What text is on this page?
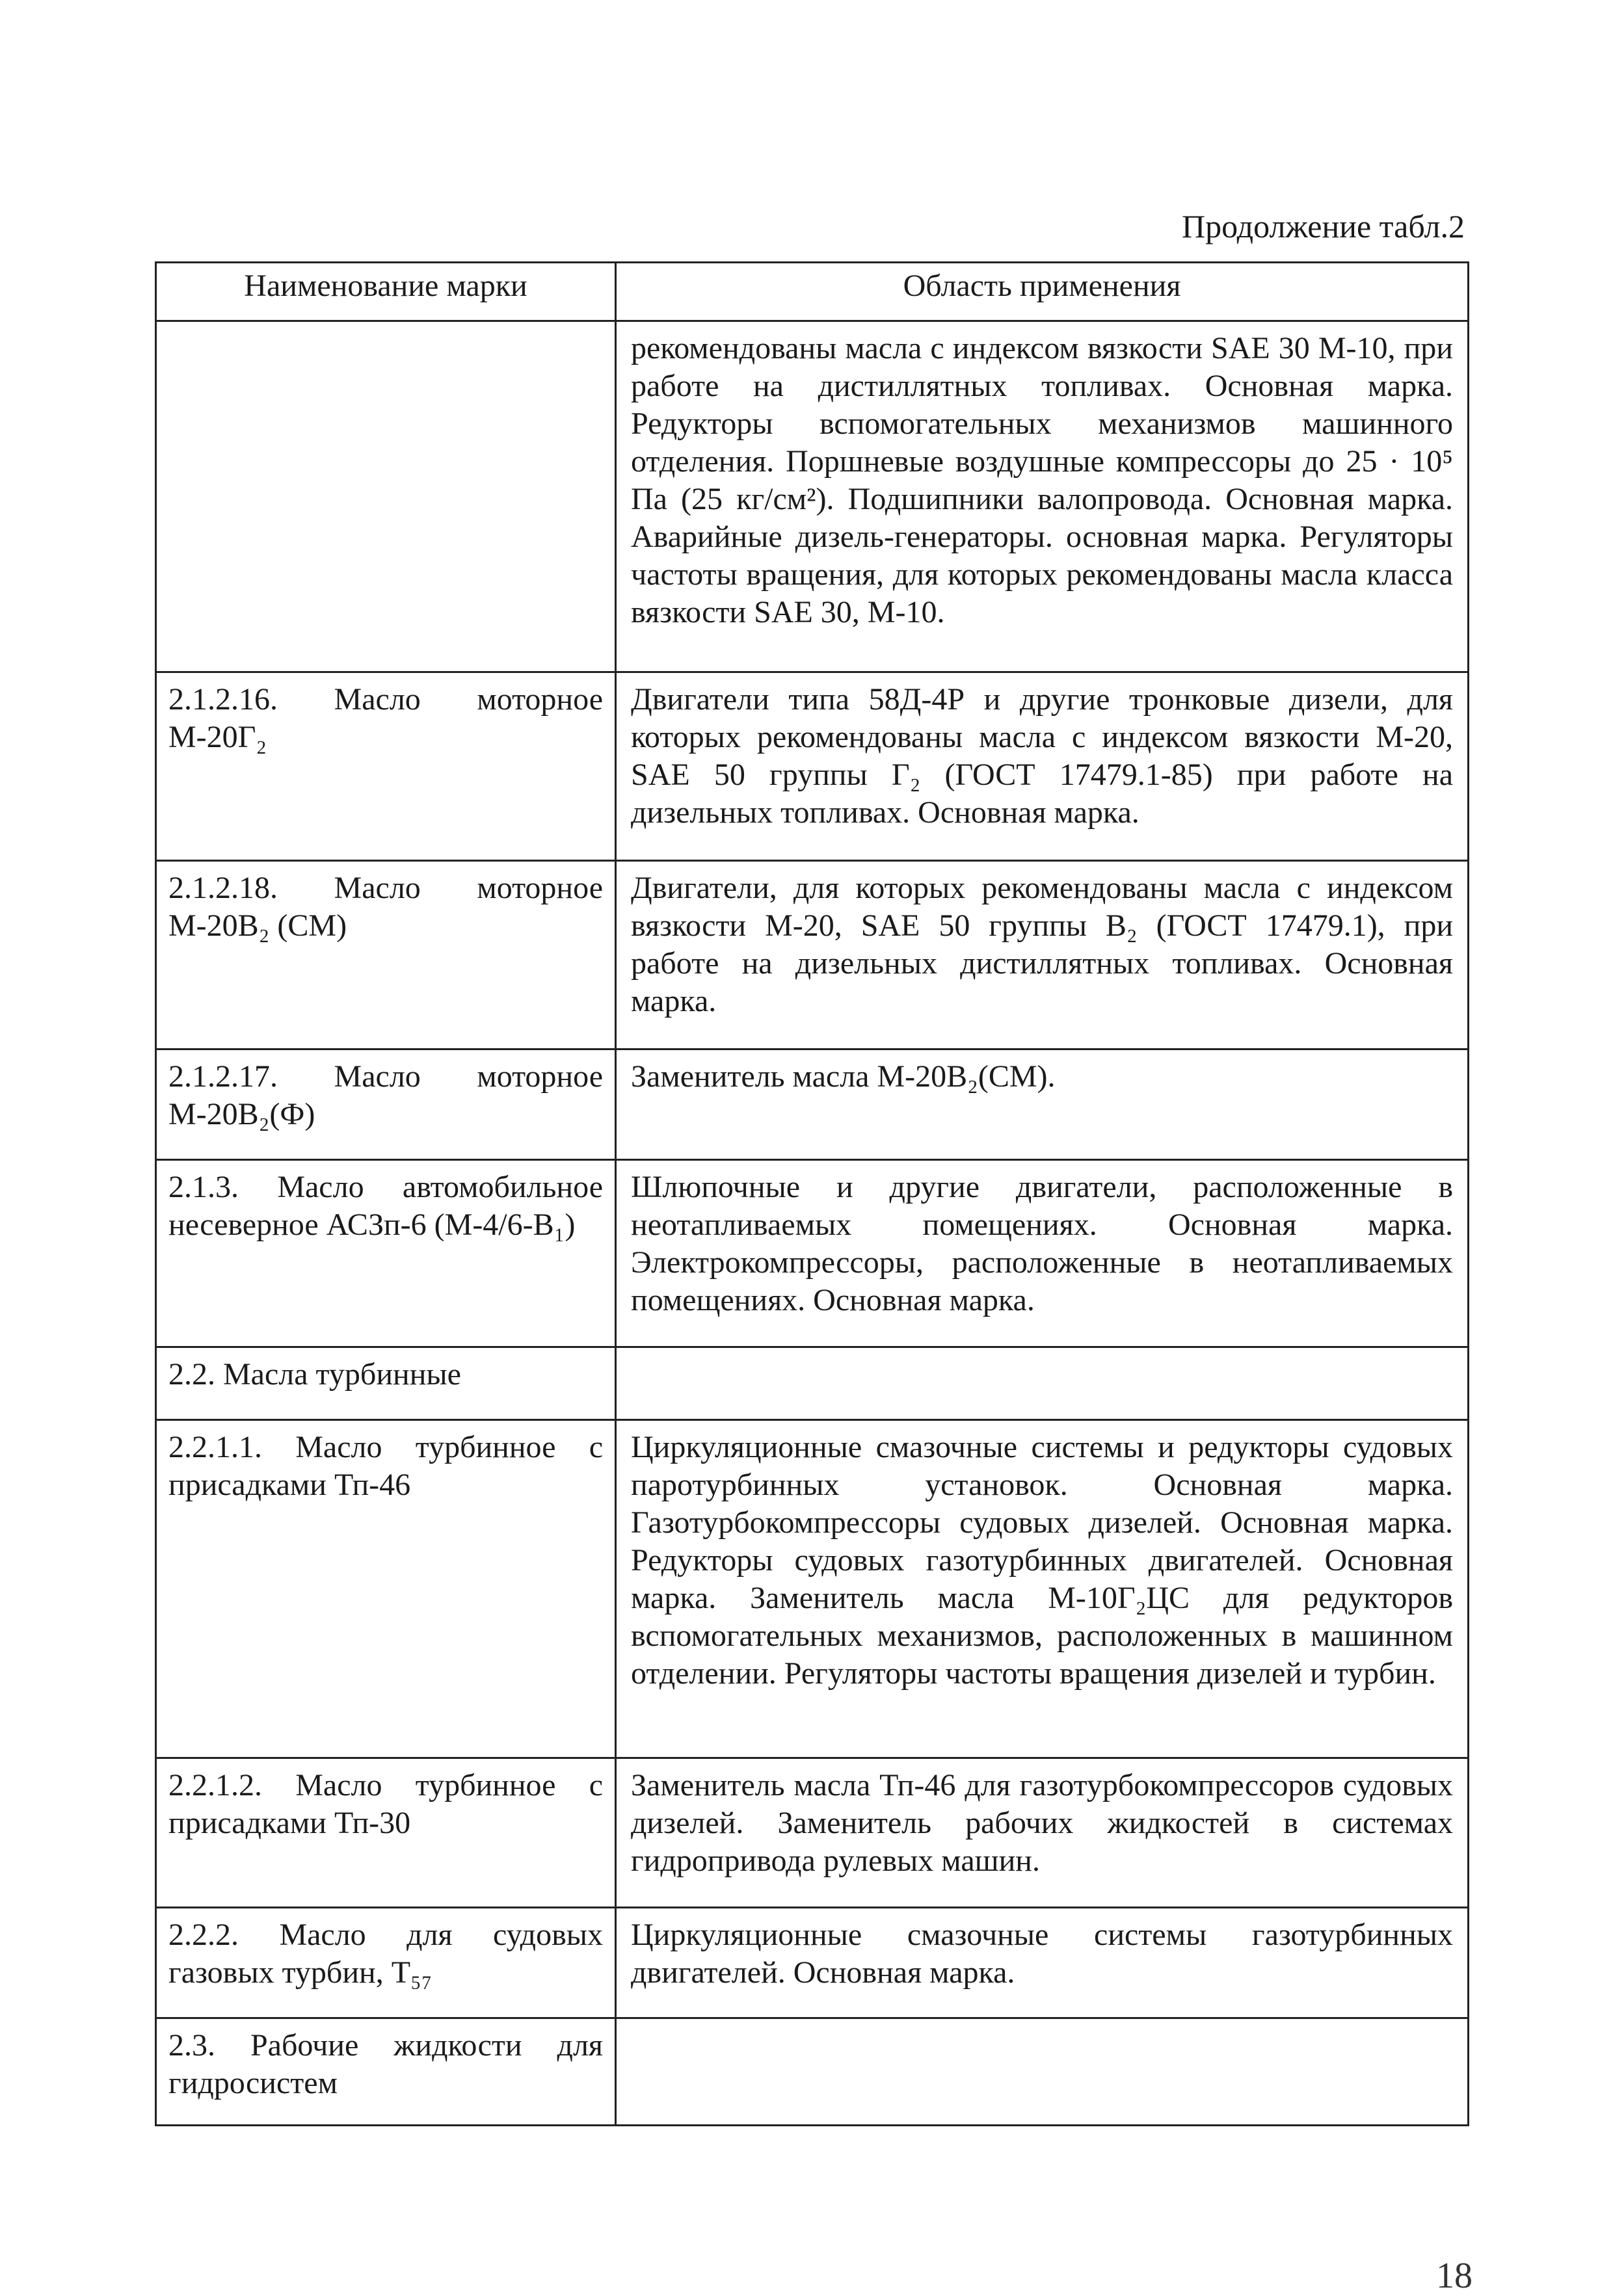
Продолжение табл.2
Наименование марки	Область применения
	рекомендованы масла с индексом вязкости SAE 30 М-10, при работе на дистиллятных топливах. Основная марка. Редукторы вспомогательных механизмов машинного отделения. Поршневые воздушные компрессоры до 25 · 10⁵ Па (25 кг/см²). Подшипники валопровода. Основная марка. Аварийные дизель-генераторы. основная марка. Регуляторы частоты вращения, для которых рекомендованы масла класса вязкости SAE 30, М-10.
2.1.2.16. Масло моторное М-20Г₂	Двигатели типа 58Д-4Р и другие тронковые дизели, для которых рекомендованы масла с индексом вязкости М-20, SAE 50 группы Г₂ (ГОСТ 17479.1-85) при работе на дизельных топливах. Основная марка.
2.1.2.18. Масло моторное М-20В₂ (СМ)	Двигатели, для которых рекомендованы масла с индексом вязкости М-20, SAE 50 группы В₂ (ГОСТ 17479.1), при работе на дизельных дистиллятных топливах. Основная марка.
2.1.2.17. Масло моторное М-20В₂(Ф)	Заменитель масла М-20В₂(СМ).
2.1.3. Масло автомобильное несеверное АСЗп-6 (М-4/6-В₁)	Шлюпочные и другие двигатели, расположенные в неотапливаемых помещениях. Основная марка. Электрокомпрессоры, расположенные в неотапливаемых помещениях. Основная марка.
2.2. Масла турбинные	
2.2.1.1. Масло турбинное с присадками Тп-46	Циркуляционные смазочные системы и редукторы судовых паротурбинных установок. Основная марка. Газотурбокомпрессоры судовых дизелей. Основная марка. Редукторы судовых газотурбинных двигателей. Основная марка. Заменитель масла М-10Г₂ЦС для редукторов вспомогательных механизмов, расположенных в машинном отделении. Регуляторы частоты вращения дизелей и турбин.
2.2.1.2. Масло турбинное с присадками Тп-30	Заменитель масла Тп-46 для газотурбокомпрессоров судовых дизелей. Заменитель рабочих жидкостей в системах гидропривода рулевых машин.
2.2.2. Масло для судовых газовых турбин, Т₅₇	Циркуляционные смазочные системы газотурбинных двигателей. Основная марка.
2.3. Рабочие жидкости для гидросистем	
18
